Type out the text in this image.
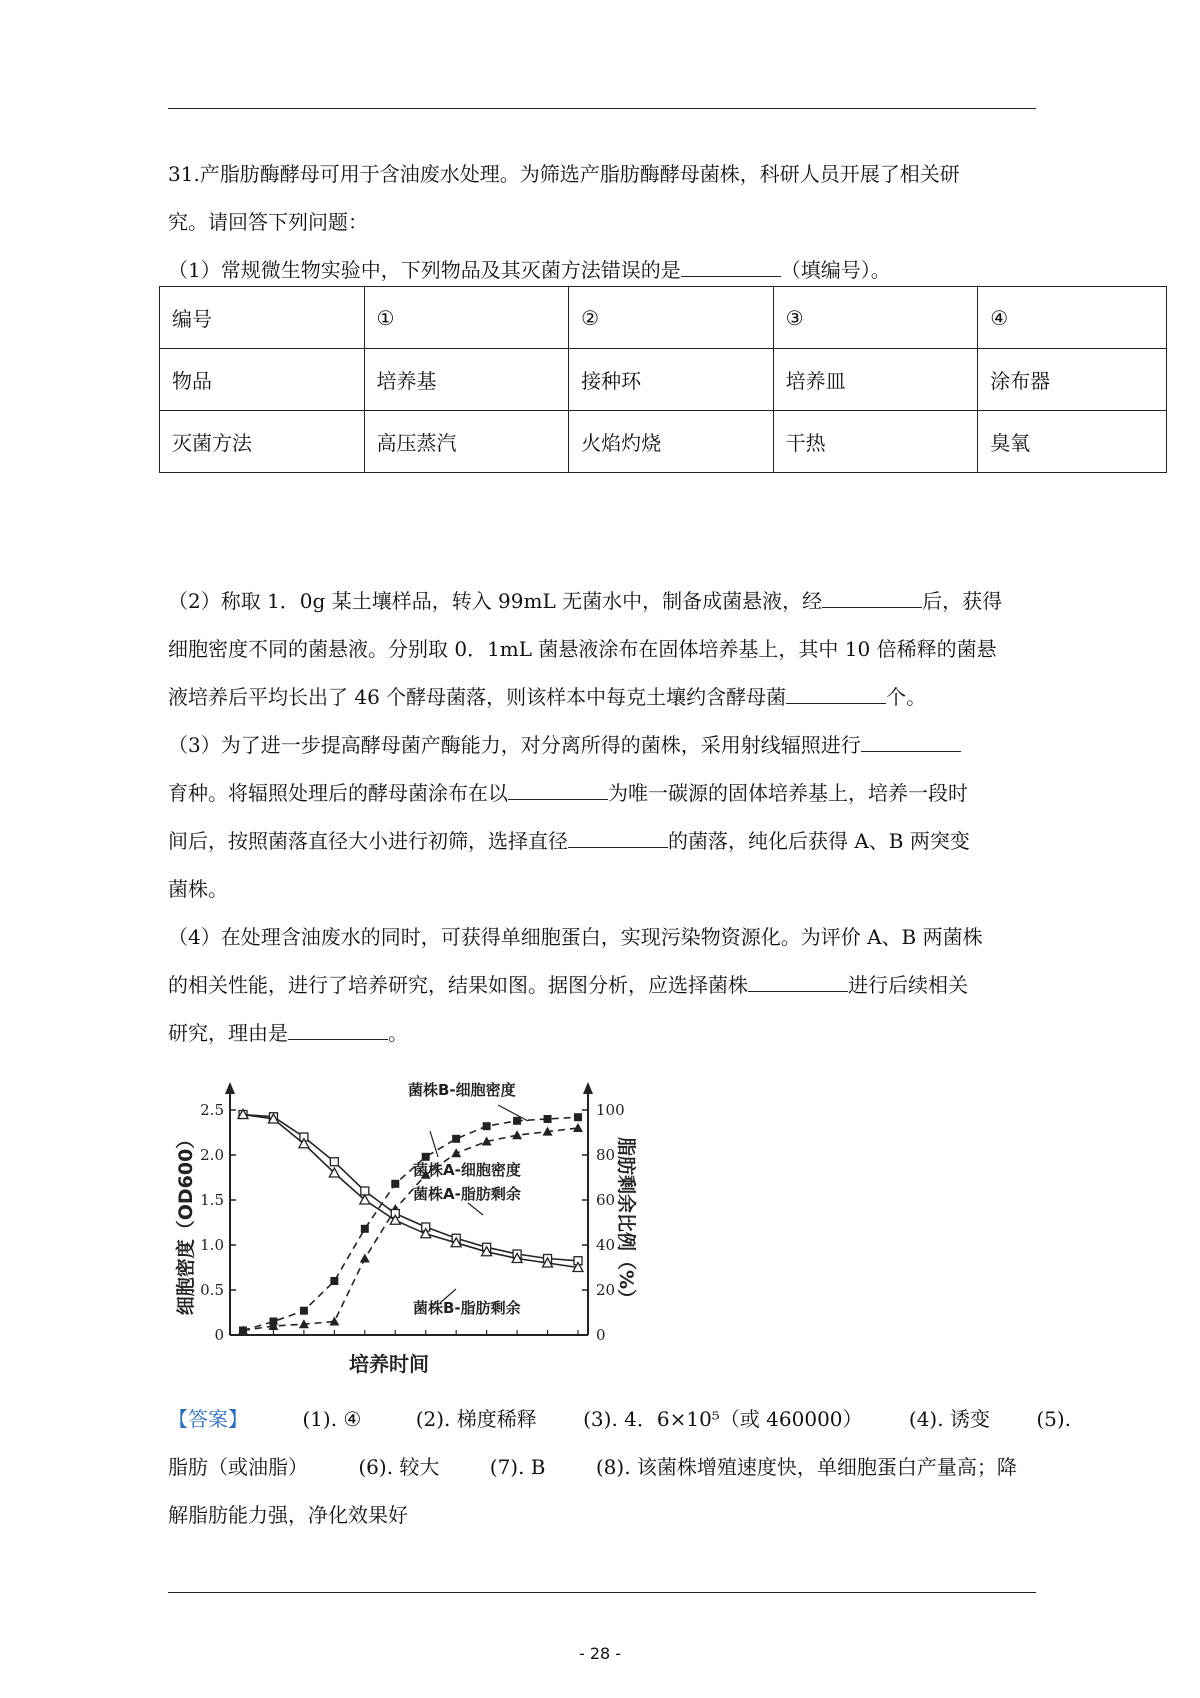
31.产脂肪酶酵母可用于含油废水处理。为筛选产脂肪酶酵母菌株，科研人员开展了相关研
究。请回答下列问题：
（1）常规微生物实验中，下列物品及其灭菌方法错误的是	（填编号）。
编号	①	②	③	④
物品	培养基	接种环	培养皿	涂布器
灭菌方法	高压蒸汽	火焰灼烧	干热	臭氧
（2）称取 1．0g 某土壤样品，转入 99mL 无菌水中，制备成菌悬液，经	后，获得
细胞密度不同的菌悬液。分别取 0．1mL 菌悬液涂布在固体培养基上，其中 10 倍稀释的菌悬
液培养后平均长出了 46 个酵母菌落，则该样本中每克土壤约含酵母菌	个。
（3）为了进一步提高酵母菌产酶能力，对分离所得的菌株，采用射线辐照进行
育种。将辐照处理后的酵母菌涂布在以	为唯一碳源的固体培养基上，培养一段时
间后，按照菌落直径大小进行初筛，选择直径	的菌落，纯化后获得 A、B 两突变
菌株。
（4）在处理含油废水的同时，可获得单细胞蛋白，实现污染物资源化。为评价 A、B 两菌株
的相关性能，进行了培养研究，结果如图。据图分析，应选择菌株	进行后续相关
研究，理由是	。
0
0.5
1.0
1.5
2.0
2.5
0
20
40
60
80
100
培养时间
细胞密度（OD600）	脂肪剩余比例（%）
菌株B-细胞密度
菌株A-细胞密度
菌株A-脂肪剩余
菌株B-脂肪剩余
【答案】	(1). ④	(2). 梯度稀释 (3). 4．6×10⁵（或 460000） (4). 诱变 (5).
脂肪（或油脂）	(6). 较大	(7). B	(8). 该菌株增殖速度快，单细胞蛋白产量高；降
解脂肪能力强，净化效果好
- 28 -
